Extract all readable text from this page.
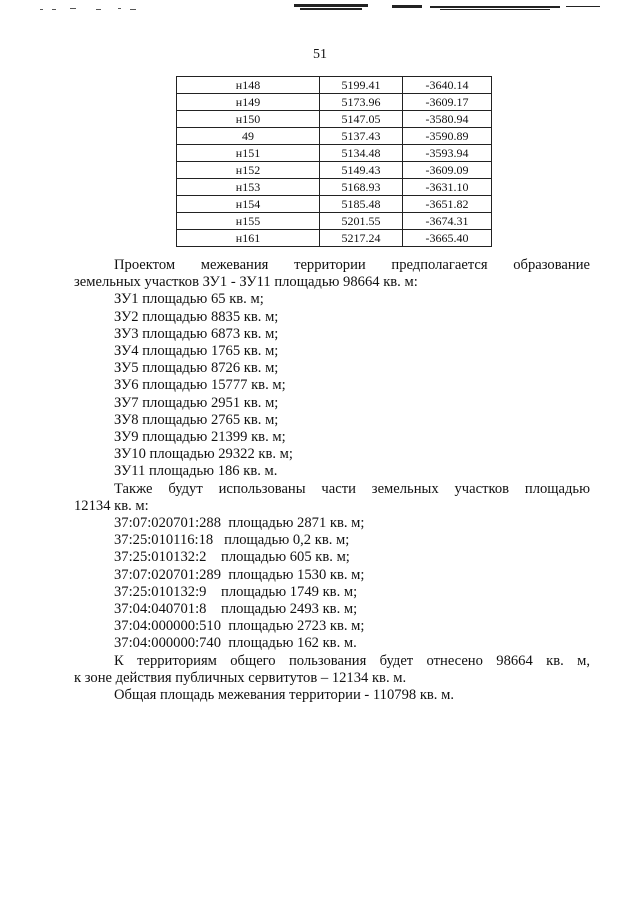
51
н148	5199.41	-3640.14
н149	5173.96	-3609.17
н150	5147.05	-3580.94
49	5137.43	-3590.89
н151	5134.48	-3593.94
н152	5149.43	-3609.09
н153	5168.93	-3631.10
н154	5185.48	-3651.82
н155	5201.55	-3674.31
н161	5217.24	-3665.40

Проектом межевания территории предполагается образование

земельных участков ЗУ1 - ЗУ11 площадью 98664 кв. м:

ЗУ1 площадью 65 кв. м;

ЗУ2 площадью 8835 кв. м;

ЗУ3 площадью 6873 кв. м;

ЗУ4 площадью 1765 кв. м;

ЗУ5 площадью 8726 кв. м;

ЗУ6 площадью 15777 кв. м;

ЗУ7 площадью 2951 кв. м;

ЗУ8 площадью 2765 кв. м;

ЗУ9 площадью 21399 кв. м;

ЗУ10 площадью 29322 кв. м;

ЗУ11 площадью 186 кв. м.

Также будут использованы части земельных участков площадью

12134 кв. м:

37:07:020701:288  площадью 2871 кв. м;

37:25:010116:18   площадью 0,2 кв. м;

37:25:010132:2    площадью 605 кв. м;

37:07:020701:289  площадью 1530 кв. м;

37:25:010132:9    площадью 1749 кв. м;

37:04:040701:8    площадью 2493 кв. м;

37:04:000000:510  площадью 2723 кв. м;

37:04:000000:740  площадью 162 кв. м.

К территориям общего пользования будет отнесено 98664 кв. м,

к зоне действия публичных сервитутов – 12134 кв. м.

Общая площадь межевания территории - 110798 кв. м.
